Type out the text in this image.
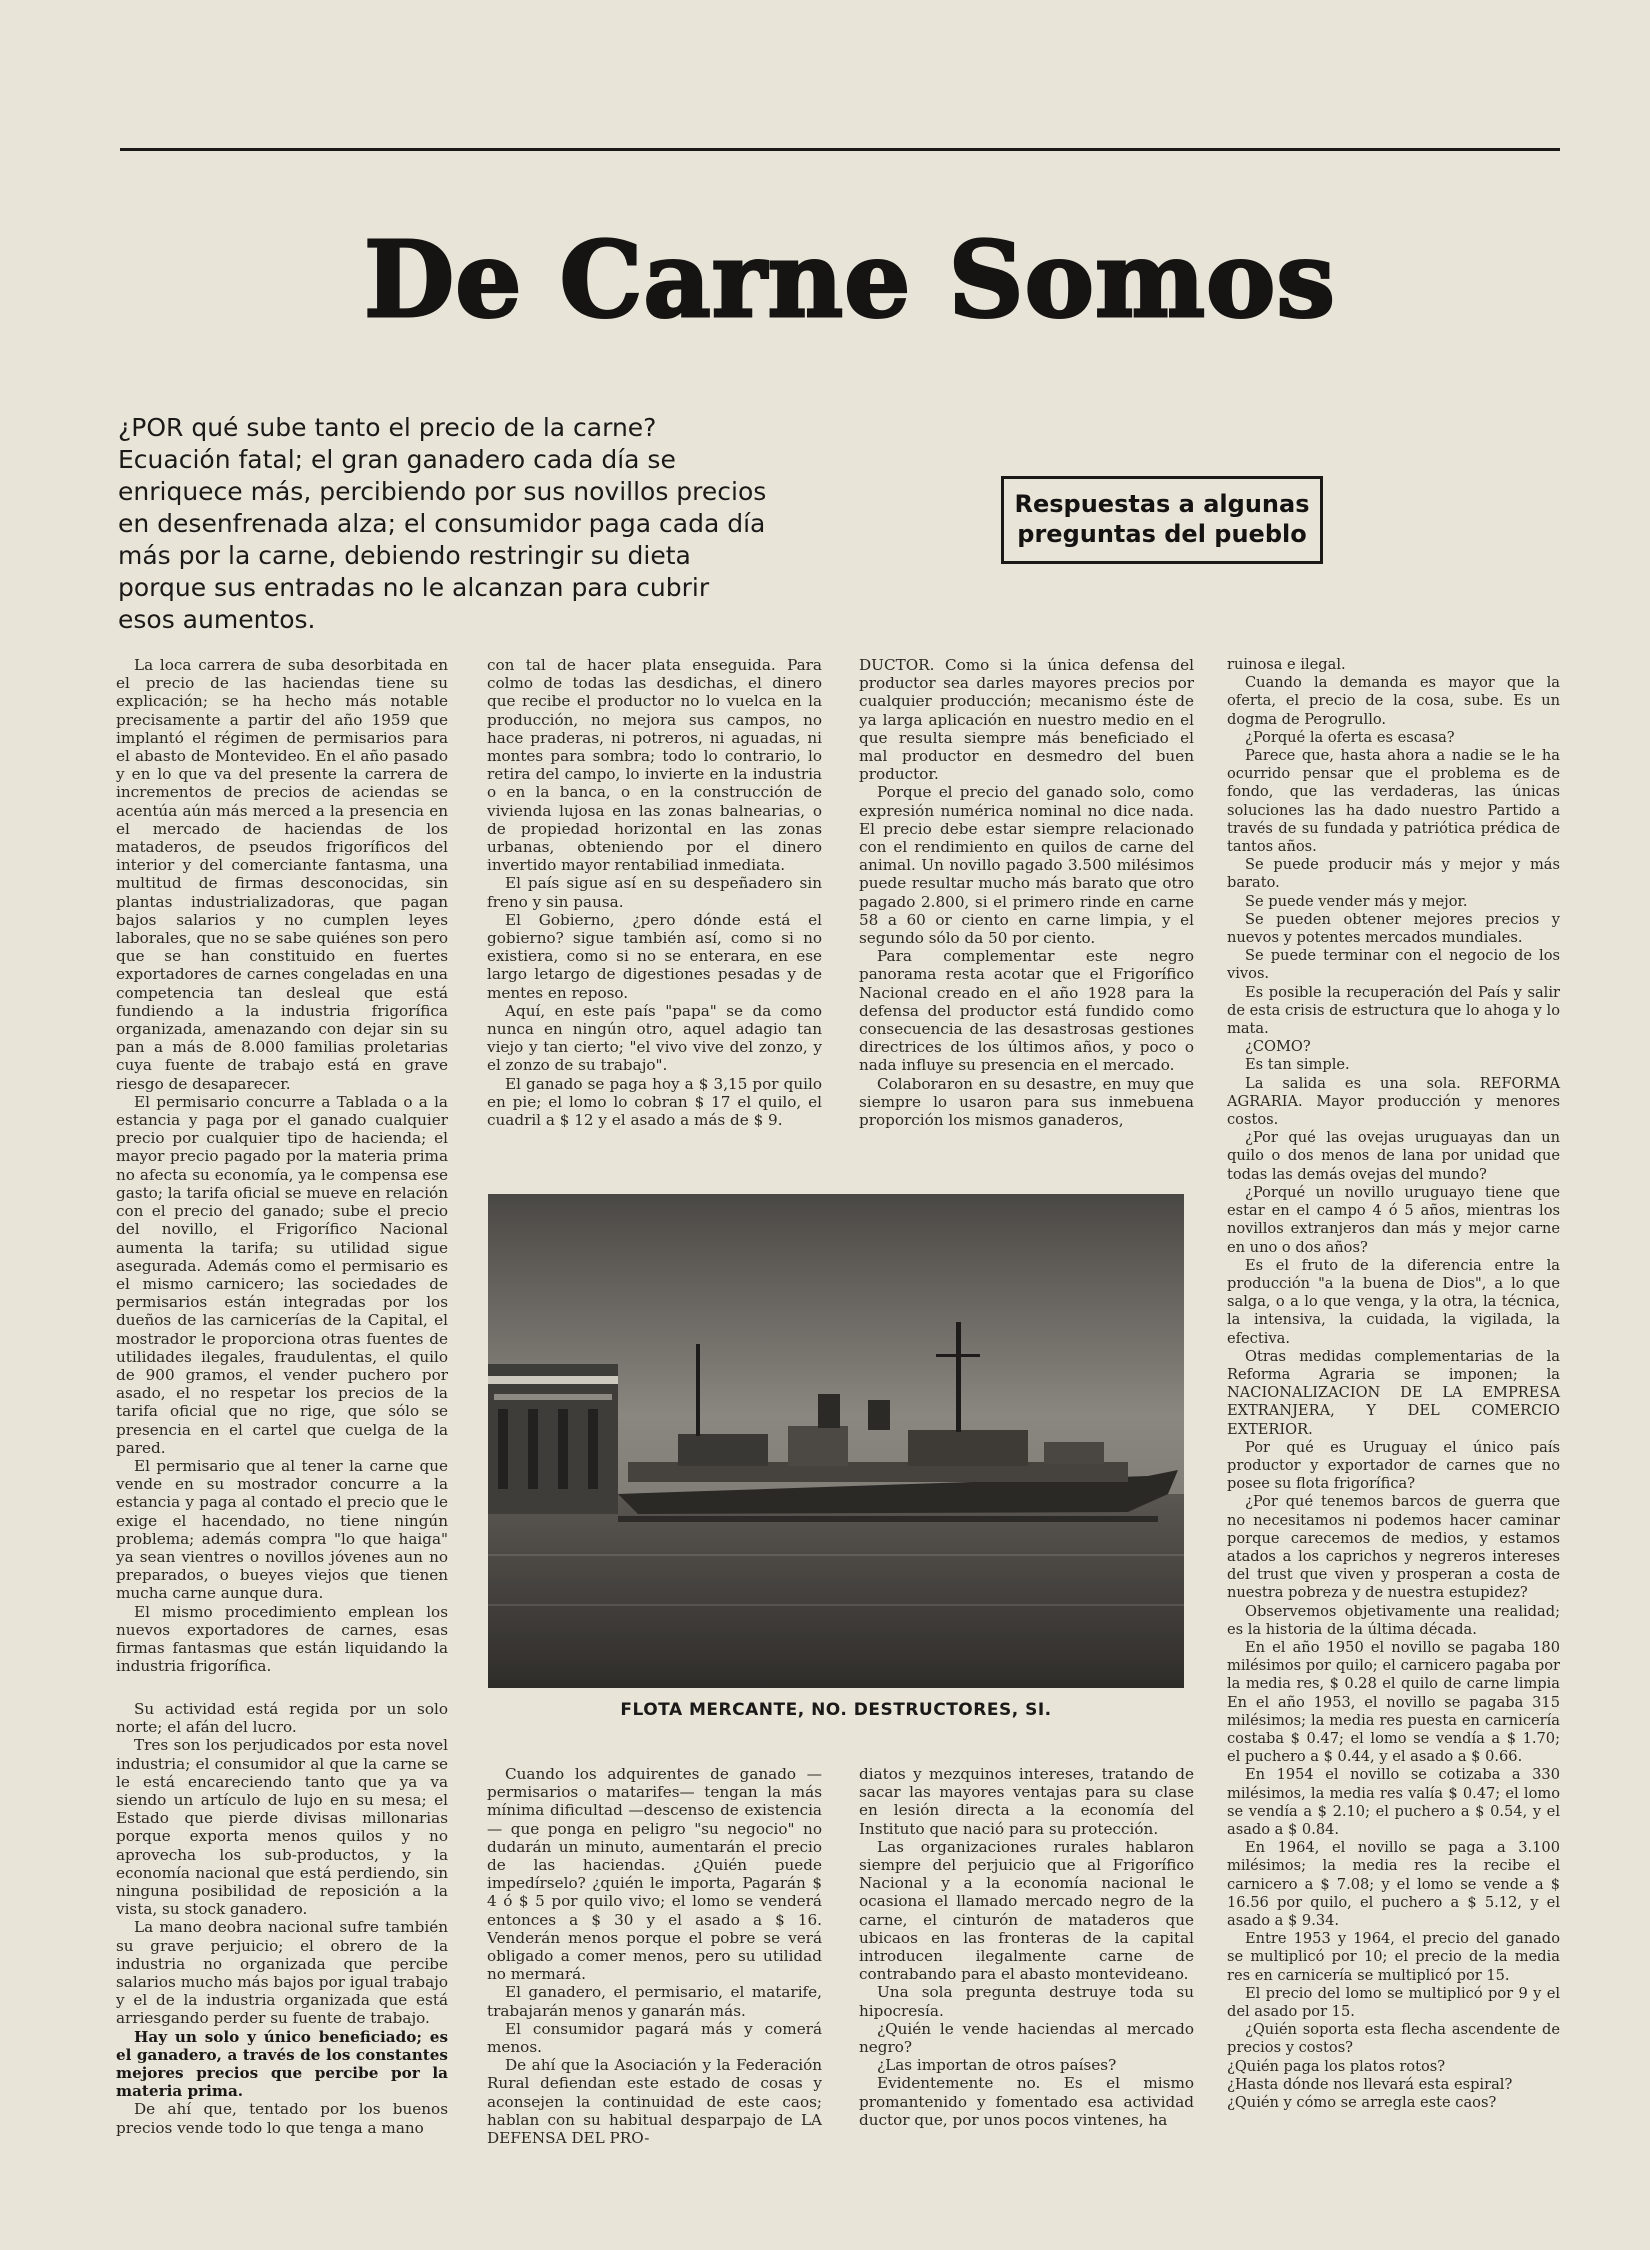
De Carne Somos
¿POR qué sube tanto el precio de la carne? Ecuación fatal; el gran ganadero cada día se enriquece más, percibiendo por sus novillos precios en desenfrenada alza; el consumidor paga cada día más por la carne, debiendo restringir su dieta porque sus entradas no le alcanzan para cubrir esos aumentos.
Respuestas a algunas
preguntas del pueblo

La loca carrera de suba desorbitada en el precio de las haciendas tiene su explicación; se ha hecho más notable precisamente a partir del año 1959 que implantó el régimen de permisarios para el abasto de Montevideo. En el año pasado y en lo que va del presente la carrera de incrementos de precios de aciendas se acentúa aún más merced a la presencia en el mercado de haciendas de los mataderos, de pseudos frigoríficos del interior y del comerciante fantasma, una multitud de firmas desconocidas, sin plantas industrializadoras, que pagan bajos salarios y no cumplen leyes laborales, que no se sabe quiénes son pero que se han constituido en fuertes exportadores de carnes congeladas en una competencia tan desleal que está fundiendo a la industria frigorífica organizada, amenazando con dejar sin su pan a más de 8.000 familias proletarias cuya fuente de trabajo está en grave riesgo de desaparecer.

El permisario concurre a Tablada o a la estancia y paga por el ganado cualquier precio por cualquier tipo de hacienda; el mayor precio pagado por la materia prima no afecta su economía, ya le compensa ese gasto; la tarifa oficial se mueve en relación con el precio del ganado; sube el precio del novillo, el Frigorífico Nacional aumenta la tarifa; su utilidad sigue asegurada. Además como el permisario es el mismo carnicero; las sociedades de permisarios están integradas por los dueños de las carnicerías de la Capital, el mostrador le proporciona otras fuentes de utilidades ilegales, fraudulentas, el quilo de 900 gramos, el vender puchero por asado, el no respetar los precios de la tarifa oficial que no rige, que sólo se presencia en el cartel que cuelga de la pared.

El permisario que al tener la carne que vende en su mostrador concurre a la estancia y paga al contado el precio que le exige el hacendado, no tiene ningún problema; además compra "lo que haiga" ya sean vientres o novillos jóvenes aun no preparados, o bueyes viejos que tienen mucha carne aunque dura.

El mismo procedimiento emplean los nuevos exportadores de carnes, esas firmas fantasmas que están liquidando la industria frigorífica.

Su actividad está regida por un solo norte; el afán del lucro.

Tres son los perjudicados por esta novel industria; el consumidor al que la carne se le está encareciendo tanto que ya va siendo un artículo de lujo en su mesa; el Estado que pierde divisas millonarias porque exporta menos quilos y no aprovecha los sub-productos, y la economía nacional que está perdiendo, sin ninguna posibilidad de reposición a la vista, su stock ganadero.

La mano deobra nacional sufre también su grave perjuicio; el obrero de la industria no organizada que percibe salarios mucho más bajos por igual trabajo y el de la industria organizada que está arriesgando perder su fuente de trabajo.

Hay un solo y único beneficiado; es el ganadero, a través de los constantes mejores precios que percibe por la materia prima.

De ahí que, tentado por los buenos precios vende todo lo que tenga a mano

con tal de hacer plata enseguida. Para colmo de todas las desdichas, el dinero que recibe el productor no lo vuelca en la producción, no mejora sus campos, no hace praderas, ni potreros, ni aguadas, ni montes para sombra; todo lo contrario, lo retira del campo, lo invierte en la industria o en la banca, o en la construcción de vivienda lujosa en las zonas balnearias, o de propiedad horizontal en las zonas urbanas, obteniendo por el dinero invertido mayor rentabiliad inmediata.

El país sigue así en su despeñadero sin freno y sin pausa.

El Gobierno, ¿pero dónde está el gobierno? sigue también así, como si no existiera, como si no se enterara, en ese largo letargo de digestiones pesadas y de mentes en reposo.

Aquí, en este país "papa" se da como nunca en ningún otro, aquel adagio tan viejo y tan cierto; "el vivo vive del zonzo, y el zonzo de su trabajo".

El ganado se paga hoy a $ 3,15 por quilo en pie; el lomo lo cobran $ 17 el quilo, el cuadril a $ 12 y el asado a más de $ 9.

DUCTOR. Como si la única defensa del productor sea darles mayores precios por cualquier producción; mecanismo éste de ya larga aplicación en nuestro medio en el que resulta siempre más beneficiado el mal productor en desmedro del buen productor.

Porque el precio del ganado solo, como expresión numérica nominal no dice nada. El precio debe estar siempre relacionado con el rendimiento en quilos de carne del animal. Un novillo pagado 3.500 milésimos puede resultar mucho más barato que otro pagado 2.800, si el primero rinde en carne 58 a 60 or ciento en carne limpia, y el segundo sólo da 50 por ciento.

Para complementar este negro panorama resta acotar que el Frigorífico Nacional creado en el año 1928 para la defensa del productor está fundido como consecuencia de las desastrosas gestiones directrices de los últimos años, y poco o nada influye su presencia en el mercado.

Colaboraron en su desastre, en muy que siempre lo usaron para sus inmebuena proporción los mismos ganaderos,

ruinosa e ilegal.

Cuando la demanda es mayor que la oferta, el precio de la cosa, sube. Es un dogma de Perogrullo.

¿Porqué la oferta es escasa?

Parece que, hasta ahora a nadie se le ha ocurrido pensar que el problema es de fondo, que las verdaderas, las únicas soluciones las ha dado nuestro Partido a través de su fundada y patriótica prédica de tantos años.

Se puede producir más y mejor y más barato.

Se puede vender más y mejor.

Se pueden obtener mejores precios y nuevos y potentes mercados mundiales.

Se puede terminar con el negocio de los vivos.

Es posible la recuperación del País y salir de esta crisis de estructura que lo ahoga y lo mata.

¿COMO?

Es tan simple.

La salida es una sola. REFORMA AGRARIA. Mayor producción y menores costos.

¿Por qué las ovejas uruguayas dan un quilo o dos menos de lana por unidad que todas las demás ovejas del mundo?

¿Porqué un novillo uruguayo tiene que estar en el campo 4 ó 5 años, mientras los novillos extranjeros dan más y mejor carne en uno o dos años?

Es el fruto de la diferencia entre la producción "a la buena de Dios", a lo que salga, o a lo que venga, y la otra, la técnica, la intensiva, la cuidada, la vigilada, la efectiva.

Otras medidas complementarias de la Reforma Agraria se imponen; la NACIONALIZACION DE LA EMPRESA EXTRANJERA, Y DEL COMERCIO EXTERIOR.

Por qué es Uruguay el único país productor y exportador de carnes que no posee su flota frigorífica?

¿Por qué tenemos barcos de guerra que no necesitamos ni podemos hacer caminar porque carecemos de medios, y estamos atados a los caprichos y negreros intereses del trust que viven y prosperan a costa de nuestra pobreza y de nuestra estupidez?

Observemos objetivamente una realidad; es la historia de la última década.

En el año 1950 el novillo se pagaba 180 milésimos por quilo; el carnicero pagaba por la media res, $ 0.28 el quilo de carne limpia En el año 1953, el novillo se pagaba 315 milésimos; la media res puesta en carnicería costaba $ 0.47; el lomo se vendía a $ 1.70; el puchero a $ 0.44, y el asado a $ 0.66.

En 1954 el novillo se cotizaba a 330 milésimos, la media res valía $ 0.47; el lomo se vendía a $ 2.10; el puchero a $ 0.54, y el asado a $ 0.84.

En 1964, el novillo se paga a 3.100 milésimos; la media res la recibe el carnicero a $ 7.08; y el lomo se vende a $ 16.56 por quilo, el puchero a $ 5.12, y el asado a $ 9.34.

Entre 1953 y 1964, el precio del ganado se multiplicó por 10; el precio de la media res en carnicería se multiplicó por 15.

El precio del lomo se multiplicó por 9 y el del asado por 15.

¿Quién soporta esta flecha ascendente de precios y costos?

¿Quién paga los platos rotos?

¿Hasta dónde nos llevará esta espiral?

¿Quién y cómo se arregla este caos?

FLOTA MERCANTE, NO. DESTRUCTORES, SI.

Cuando los adquirentes de ganado — permisarios o matarifes— tengan la más mínima dificultad —descenso de existencia— que ponga en peligro "su negocio" no dudarán un minuto, aumentarán el precio de las haciendas. ¿Quién puede impedírselo? ¿quién le importa, Pagarán $ 4 ó $ 5 por quilo vivo; el lomo se venderá entonces a $ 30 y el asado a $ 16. Venderán menos porque el pobre se verá obligado a comer menos, pero su utilidad no mermará.

El ganadero, el permisario, el matarife, trabajarán menos y ganarán más.

El consumidor pagará más y comerá menos.

De ahí que la Asociación y la Federación Rural defiendan este estado de cosas y aconsejen la continuidad de este caos; hablan con su habitual desparpajo de LA DEFENSA DEL PRO-

diatos y mezquinos intereses, tratando de sacar las mayores ventajas para su clase en lesión directa a la economía del Instituto que nació para su protección.

Las organizaciones rurales hablaron siempre del perjuicio que al Frigorífico Nacional y a la economía nacional le ocasiona el llamado mercado negro de la carne, el cinturón de mataderos que ubicaos en las fronteras de la capital introducen ilegalmente carne de contrabando para el abasto montevideano.

Una sola pregunta destruye toda su hipocresía.

¿Quién le vende haciendas al mercado negro?

¿Las importan de otros países?

Evidentemente no. Es el mismo promantenido y fomentado esa actividad ductor que, por unos pocos vintenes, ha
